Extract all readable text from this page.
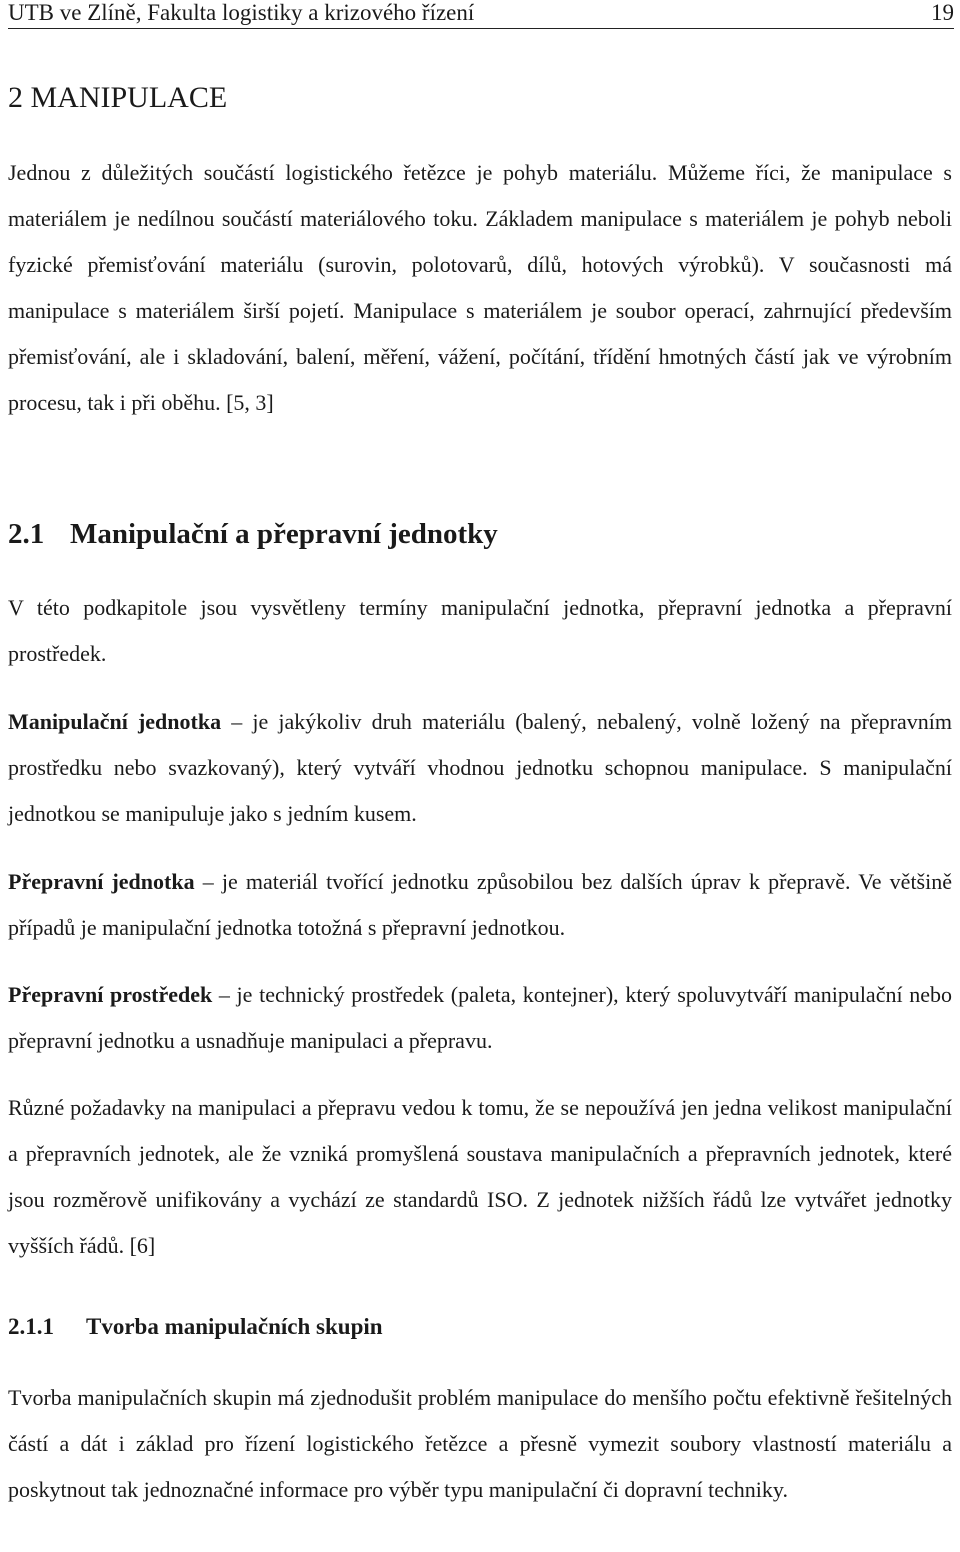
UTB ve Zlíně, Fakulta logistiky a krizového řízení	19
2 MANIPULACE

Jednou z důležitých součástí logistického řetězce je pohyb materiálu. Můžeme říci, že manipulace s materiálem je nedílnou součástí materiálového toku. Základem manipulace s materiálem je pohyb neboli fyzické přemisťování materiálu (surovin, polotovarů, dílů, hotových výrobků). V současnosti má manipulace s materiálem širší pojetí. Manipulace s materiálem je soubor operací, zahrnující především přemisťování, ale i skladování, balení, měření, vážení, počítání, třídění hmotných částí jak ve výrobním procesu, tak i při oběhu. [5, 3]

2.1 Manipulační a přepravní jednotky

V této podkapitole jsou vysvětleny termíny manipulační jednotka, přepravní jednotka a přepravní prostředek.

Manipulační jednotka – je jakýkoliv druh materiálu (balený, nebalený, volně ložený na přepravním prostředku nebo svazkovaný), který vytváří vhodnou jednotku schopnou manipulace. S manipulační jednotkou se manipuluje jako s jedním kusem.

Přepravní jednotka – je materiál tvořící jednotku způsobilou bez dalších úprav k přepravě. Ve většině případů je manipulační jednotka totožná s přepravní jednotkou.

Přepravní prostředek – je technický prostředek (paleta, kontejner), který spoluvytváří manipulační nebo přepravní jednotku a usnadňuje manipulaci a přepravu.

Různé požadavky na manipulaci a přepravu vedou k tomu, že se nepoužívá jen jedna velikost manipulační a přepravních jednotek, ale že vzniká promyšlená soustava manipulačních a přepravních jednotek, které jsou rozměrově unifikovány a vychází ze standardů ISO. Z jednotek nižších řádů lze vytvářet jednotky vyšších řádů. [6]

2.1.1 Tvorba manipulačních skupin

Tvorba manipulačních skupin má zjednodušit problém manipulace do menšího počtu efektivně řešitelných částí a dát i základ pro řízení logistického řetězce a přesně vymezit soubory vlastností materiálu a poskytnout tak jednoznačné informace pro výběr typu manipulační či dopravní techniky.
